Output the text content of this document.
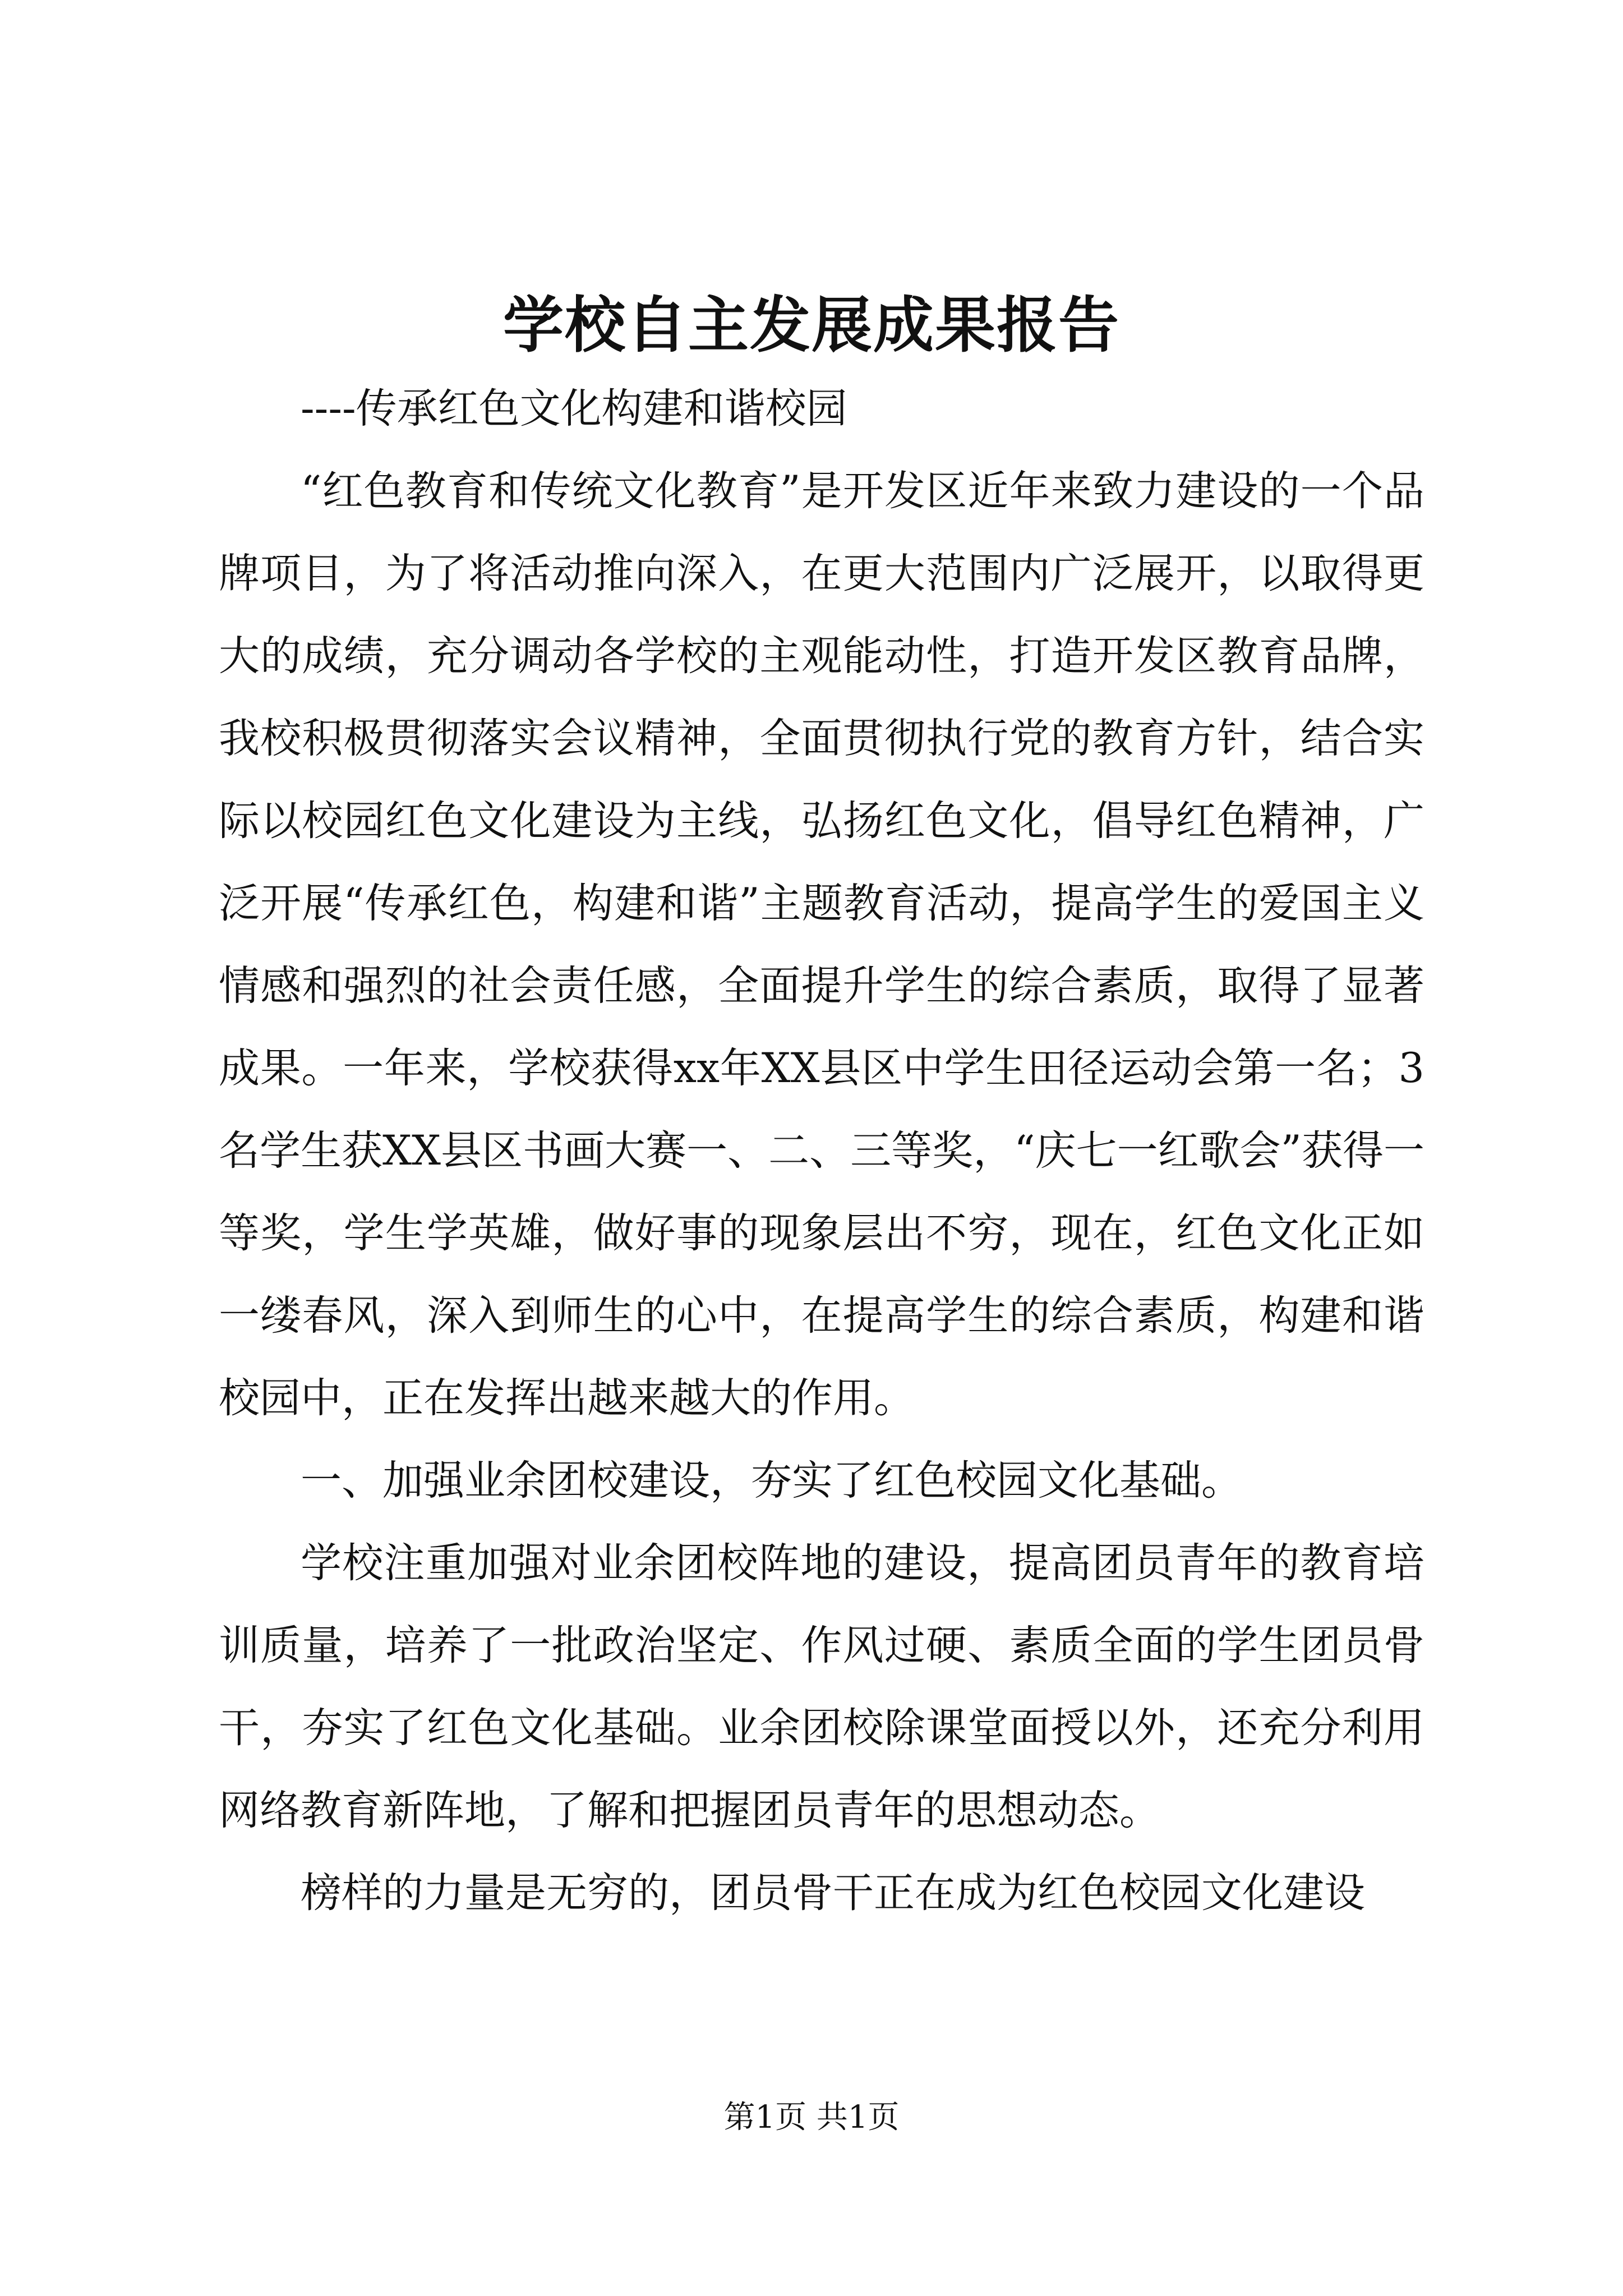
学校自主发展成果报告

----传承红色文化构建和谐校园

“红色教育和传统文化教育”是开发区近年来致力建设的一个品牌项目，为了将活动推向深入，在更大范围内广泛展开，以取得更大的成绩，充分调动各学校的主观能动性，打造开发区教育品牌，我校积极贯彻落实会议精神，全面贯彻执行党的教育方针，结合实际以校园红色文化建设为主线，弘扬红色文化，倡导红色精神，广泛开展“传承红色，构建和谐”主题教育活动，提高学生的爱国主义情感和强烈的社会责任感，全面提升学生的综合素质，取得了显著成果。一年来，学校获得xx年XX县区中学生田径运动会第一名；3名学生获XX县区书画大赛一、二、三等奖，“庆七一红歌会”获得一等奖，学生学英雄，做好事的现象层出不穷，现在，红色文化正如一缕春风，深入到师生的心中，在提高学生的综合素质，构建和谐校园中，正在发挥出越来越大的作用。

一、加强业余团校建设，夯实了红色校园文化基础。

学校注重加强对业余团校阵地的建设，提高团员青年的教育培训质量，培养了一批政治坚定、作风过硬、素质全面的学生团员骨干，夯实了红色文化基础。业余团校除课堂面授以外，还充分利用网络教育新阵地，了解和把握团员青年的思想动态。

榜样的力量是无穷的，团员骨干正在成为红色校园文化建设

第1页 共1页
